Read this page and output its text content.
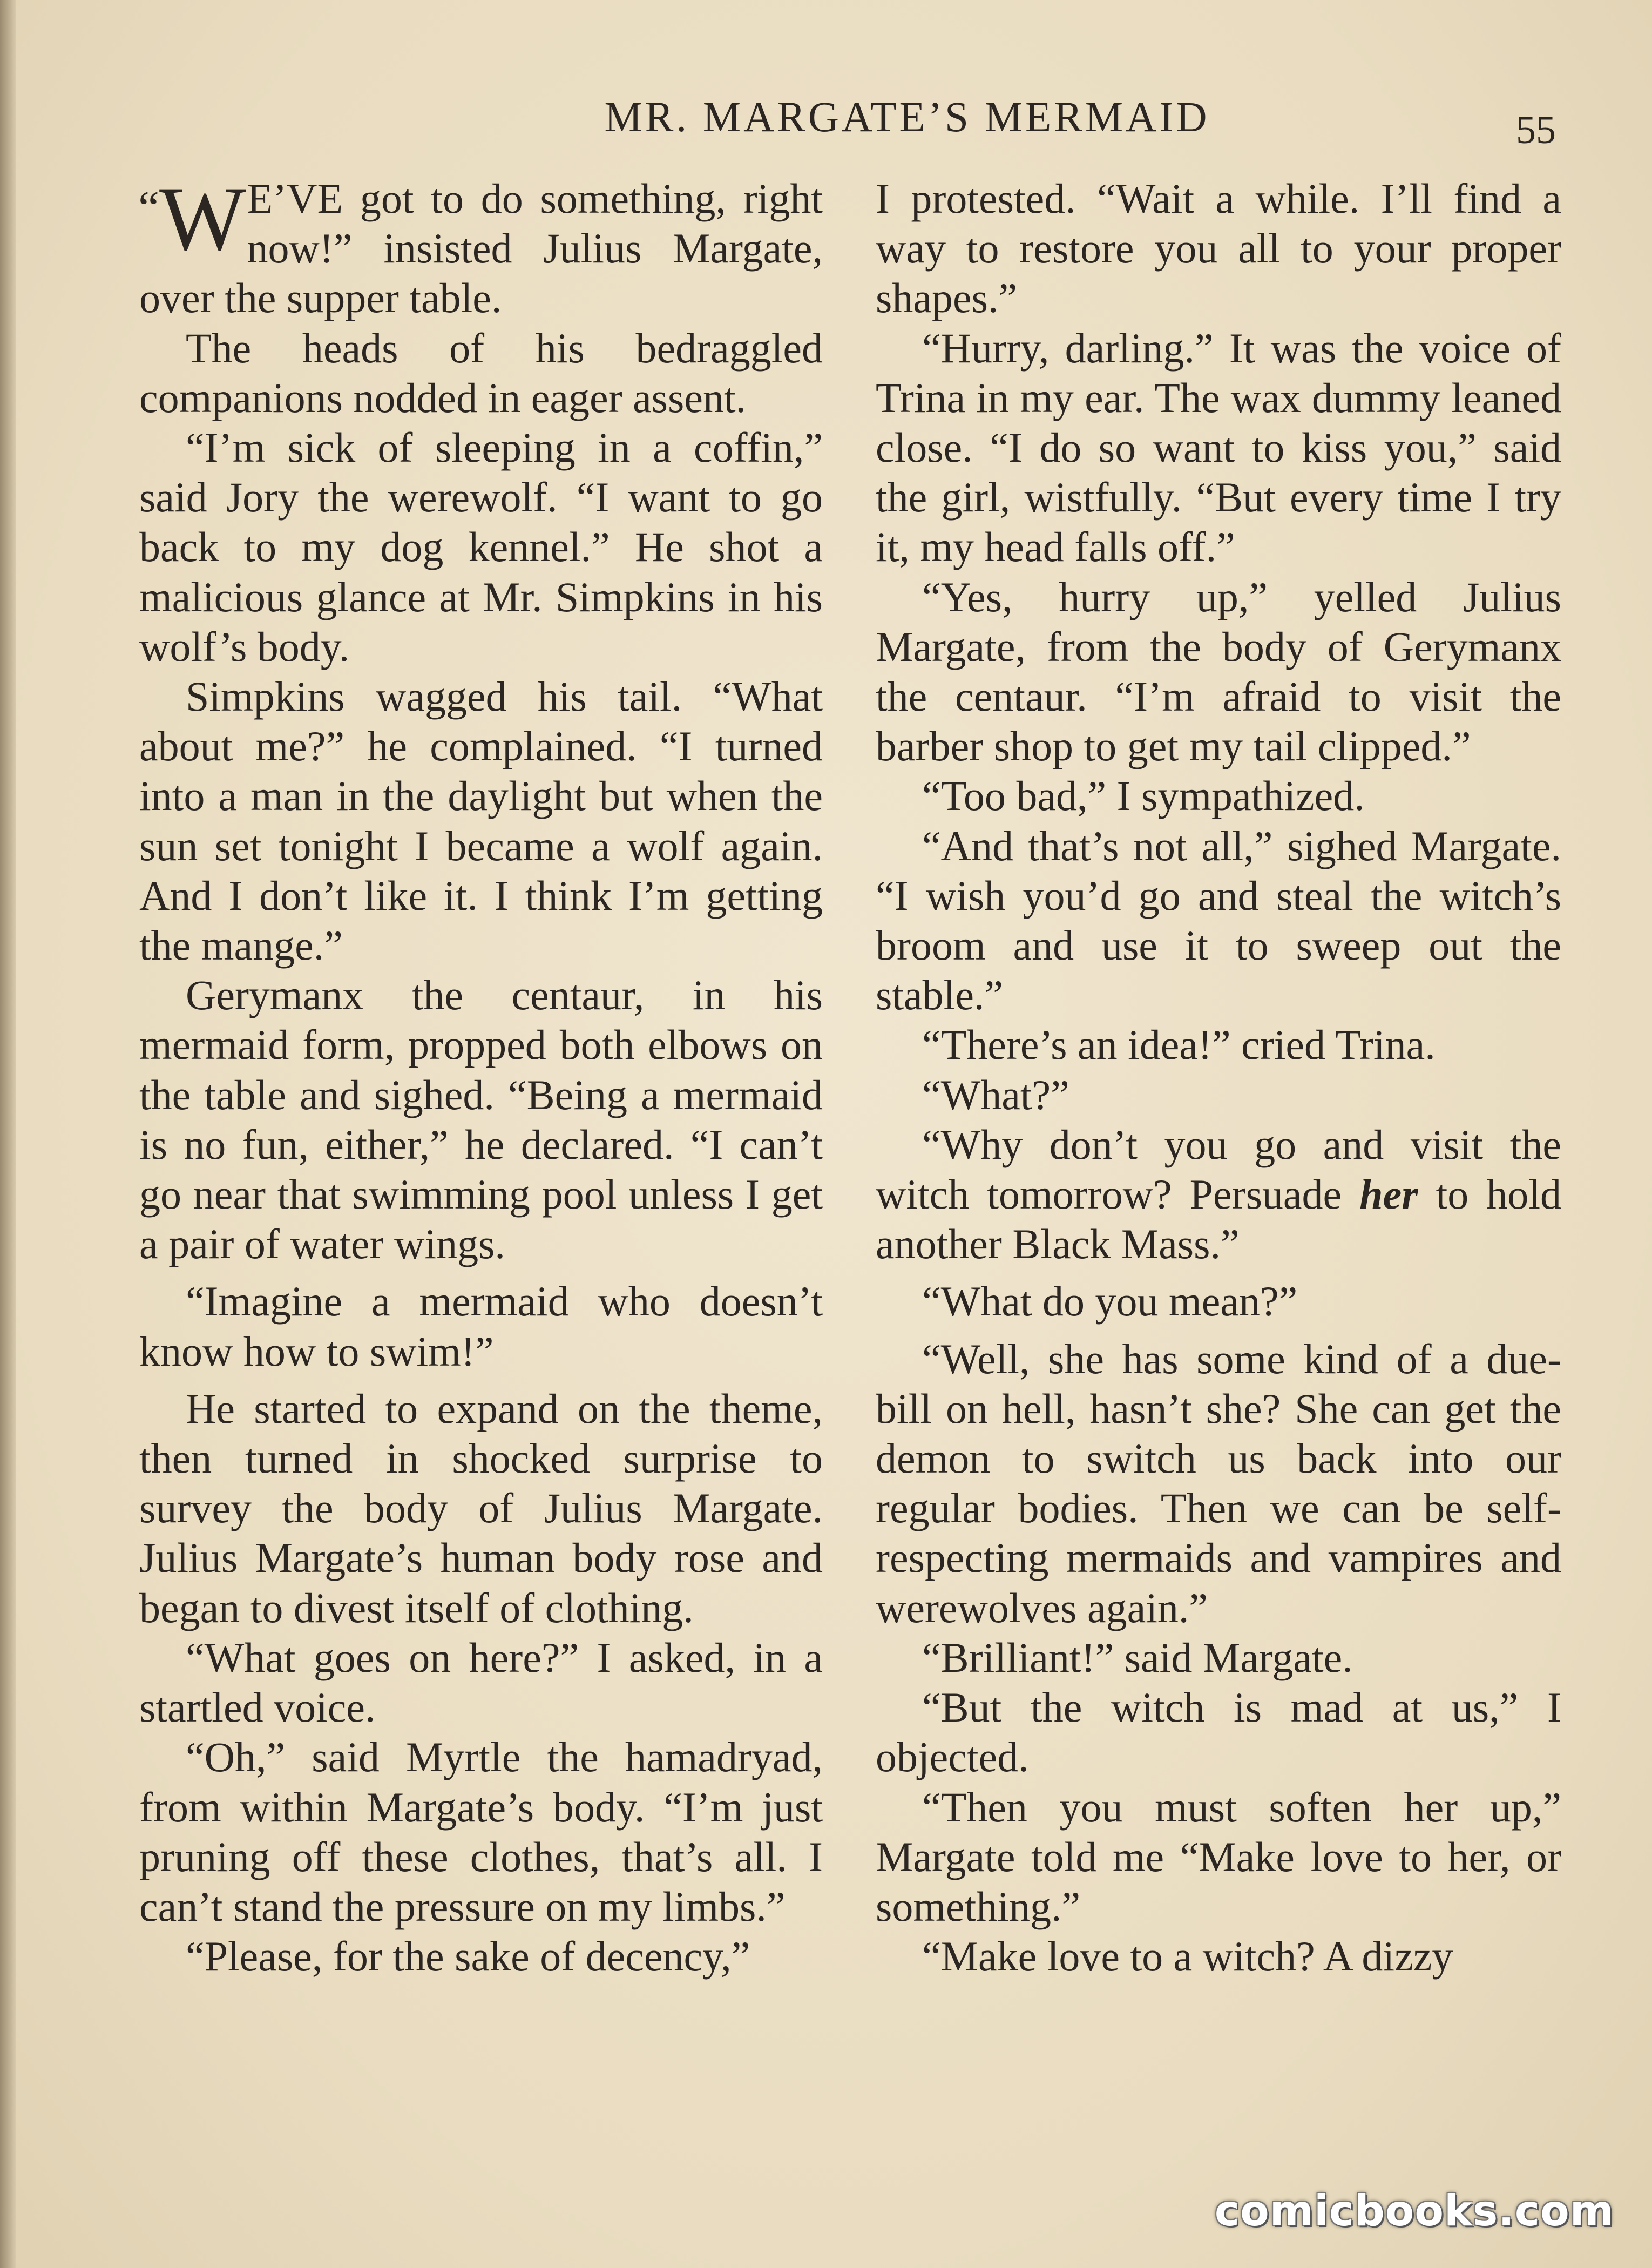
MR. MARGATE’S MERMAID	55

“W E’VE got to do something, right now!” insisted Julius Margate, over the supper table.

The heads of his bedraggled companions nodded in eager assent.

“I’m sick of sleeping in a coffin,” said Jory the werewolf. “I want to go back to my dog kennel.” He shot a malicious glance at Mr. Simpkins in his wolf’s body.

Simpkins wagged his tail. “What about me?” he complained. “I turned into a man in the daylight but when the sun set tonight I became a wolf again. And I don’t like it. I think I’m getting the mange.”

Gerymanx the centaur, in his mermaid form, propped both elbows on the table and sighed. “Being a mermaid is no fun, either,” he declared. “I can’t go near that swimming pool unless I get a pair of water wings.

“Imagine a mermaid who doesn’t know how to swim!”

He started to expand on the theme, then turned in shocked surprise to survey the body of Julius Margate. Julius Margate’s human body rose and began to divest itself of clothing.

“What goes on here?” I asked, in a startled voice.

“Oh,” said Myrtle the hamadryad, from within Margate’s body. “I’m just pruning off these clothes, that’s all. I can’t stand the pressure on my limbs.”

“Please, for the sake of decency,”

I protested. “Wait a while. I’ll find a way to restore you all to your proper shapes.”

“Hurry, darling.” It was the voice of Trina in my ear. The wax dummy leaned close. “I do so want to kiss you,” said the girl, wistfully. “But every time I try it, my head falls off.”

“Yes, hurry up,” yelled Julius Margate, from the body of Gerymanx the centaur. “I’m afraid to visit the barber shop to get my tail clipped.”

“Too bad,” I sympathized.

“And that’s not all,” sighed Margate. “I wish you’d go and steal the witch’s broom and use it to sweep out the stable.”

“There’s an idea!” cried Trina.

“What?”

“Why don’t you go and visit the witch tomorrow? Persuade her to hold another Black Mass.”

“What do you mean?”

“Well, she has some kind of a due-bill on hell, hasn’t she? She can get the demon to switch us back into our regular bodies. Then we can be self-respecting mermaids and vampires and werewolves again.”

“Brilliant!” said Margate.

“But the witch is mad at us,” I objected.

“Then you must soften her up,” Margate told me “Make love to her, or something.”

“Make love to a witch? A dizzy

comicbooks.com
